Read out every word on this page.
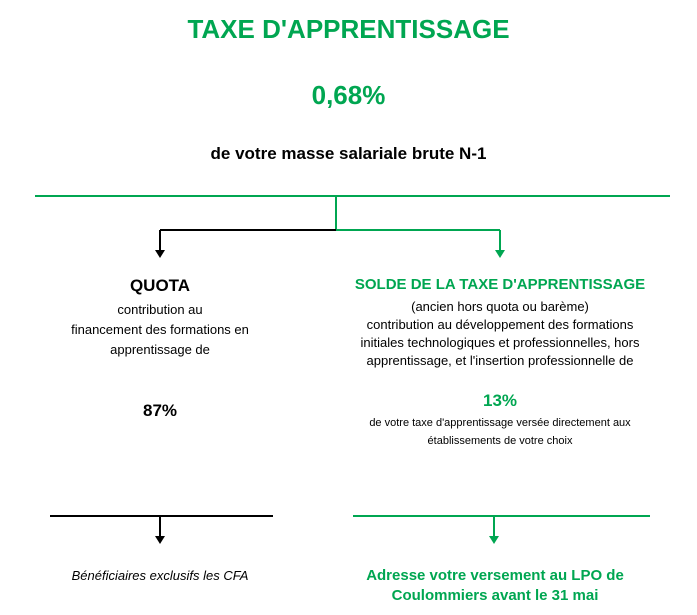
TAXE D'APPRENTISSAGE
0,68%
de votre masse salariale brute N-1
QUOTA
contribution au
financement des formations en
apprentissage de
87%
SOLDE DE LA TAXE D'APPRENTISSAGE
(ancien hors quota ou barème)
contribution au développement des formations
initiales technologiques et professionnelles, hors
apprentissage, et l'insertion professionnelle de
13%
de votre taxe d'apprentissage versée directement aux
établissements de votre choix
Bénéficiaires exclusifs les CFA	Adresse votre versement au LPO de
Coulommiers avant le 31 mai
